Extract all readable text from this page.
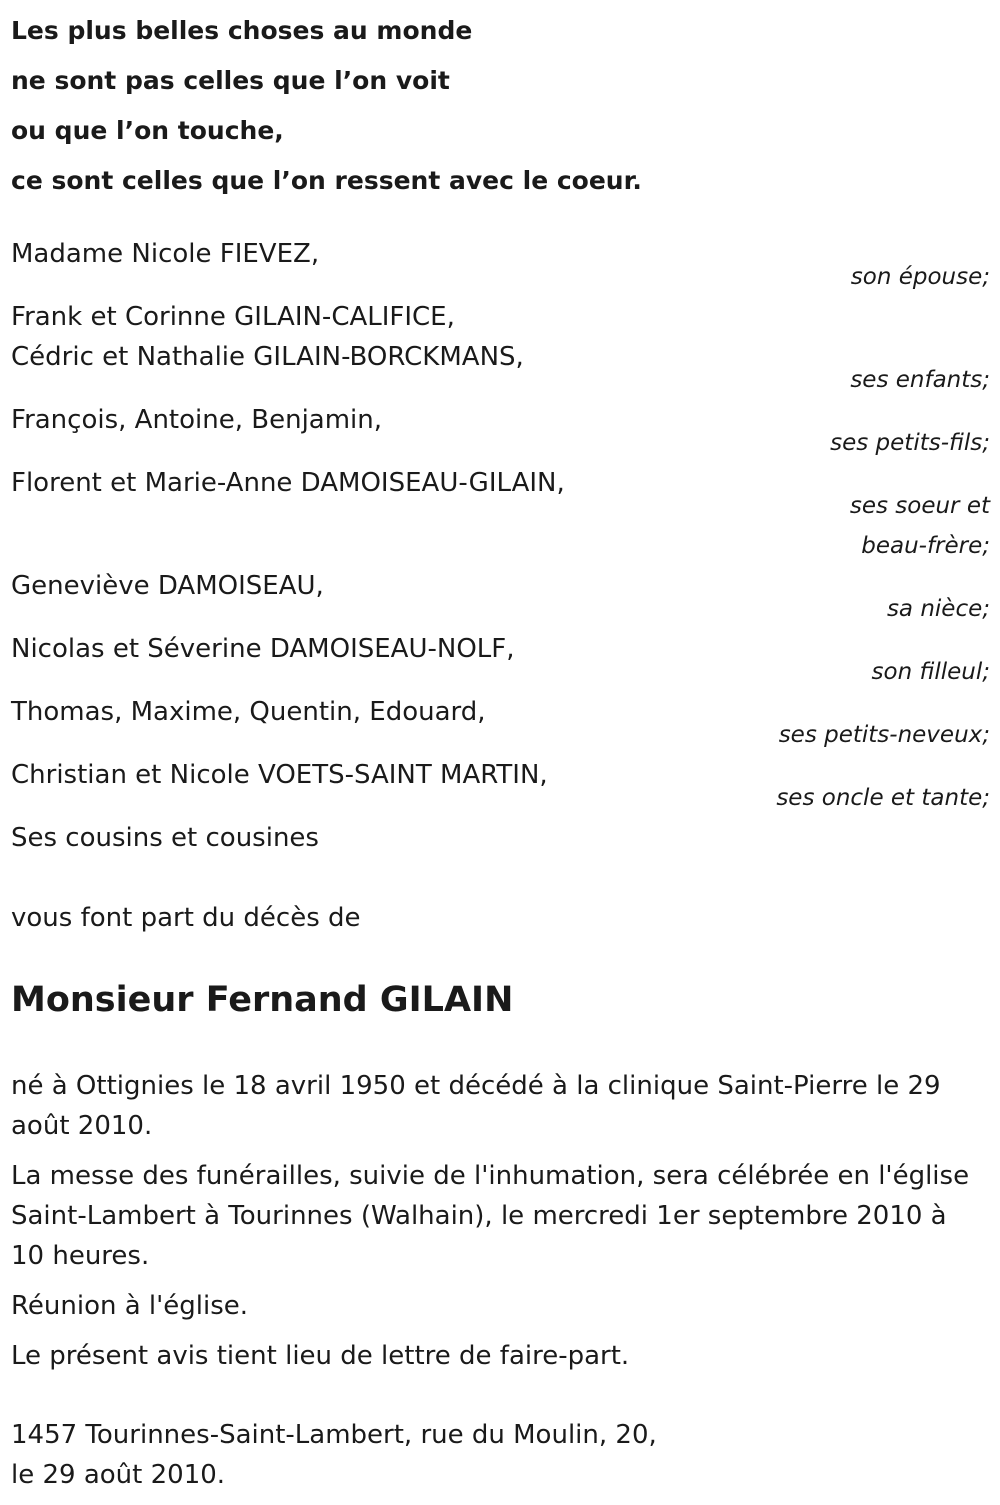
Les plus belles choses au monde
ne sont pas celles que l’on voit
ou que l’on touche,
ce sont celles que l’on ressent avec le coeur.
Madame Nicole FIEVEZ,
son épouse;
Frank et Corinne GILAIN-CALIFICE,
Cédric et Nathalie GILAIN-BORCKMANS,
ses enfants;
François, Antoine, Benjamin,
ses petits-fils;
Florent et Marie-Anne DAMOISEAU-GILAIN,
ses soeur et
beau-frère;
Geneviève DAMOISEAU,
sa nièce;
Nicolas et Séverine DAMOISEAU-NOLF,
son filleul;
Thomas, Maxime, Quentin, Edouard,
ses petits-neveux;
Christian et Nicole VOETS-SAINT MARTIN,
ses oncle et tante;
Ses cousins et cousines
vous font part du décès de
Monsieur Fernand GILAIN
né à Ottignies le 18 avril 1950 et décédé à la clinique Saint-Pierre le 29 août 2010.
La messe des funérailles, suivie de l'inhumation, sera célébrée en l'église Saint-Lambert à Tourinnes (Walhain), le mercredi 1er septembre 2010 à 10 heures.
Réunion à l'église.
Le présent avis tient lieu de lettre de faire-part.
1457 Tourinnes-Saint-Lambert, rue du Moulin, 20,
le 29 août 2010.
